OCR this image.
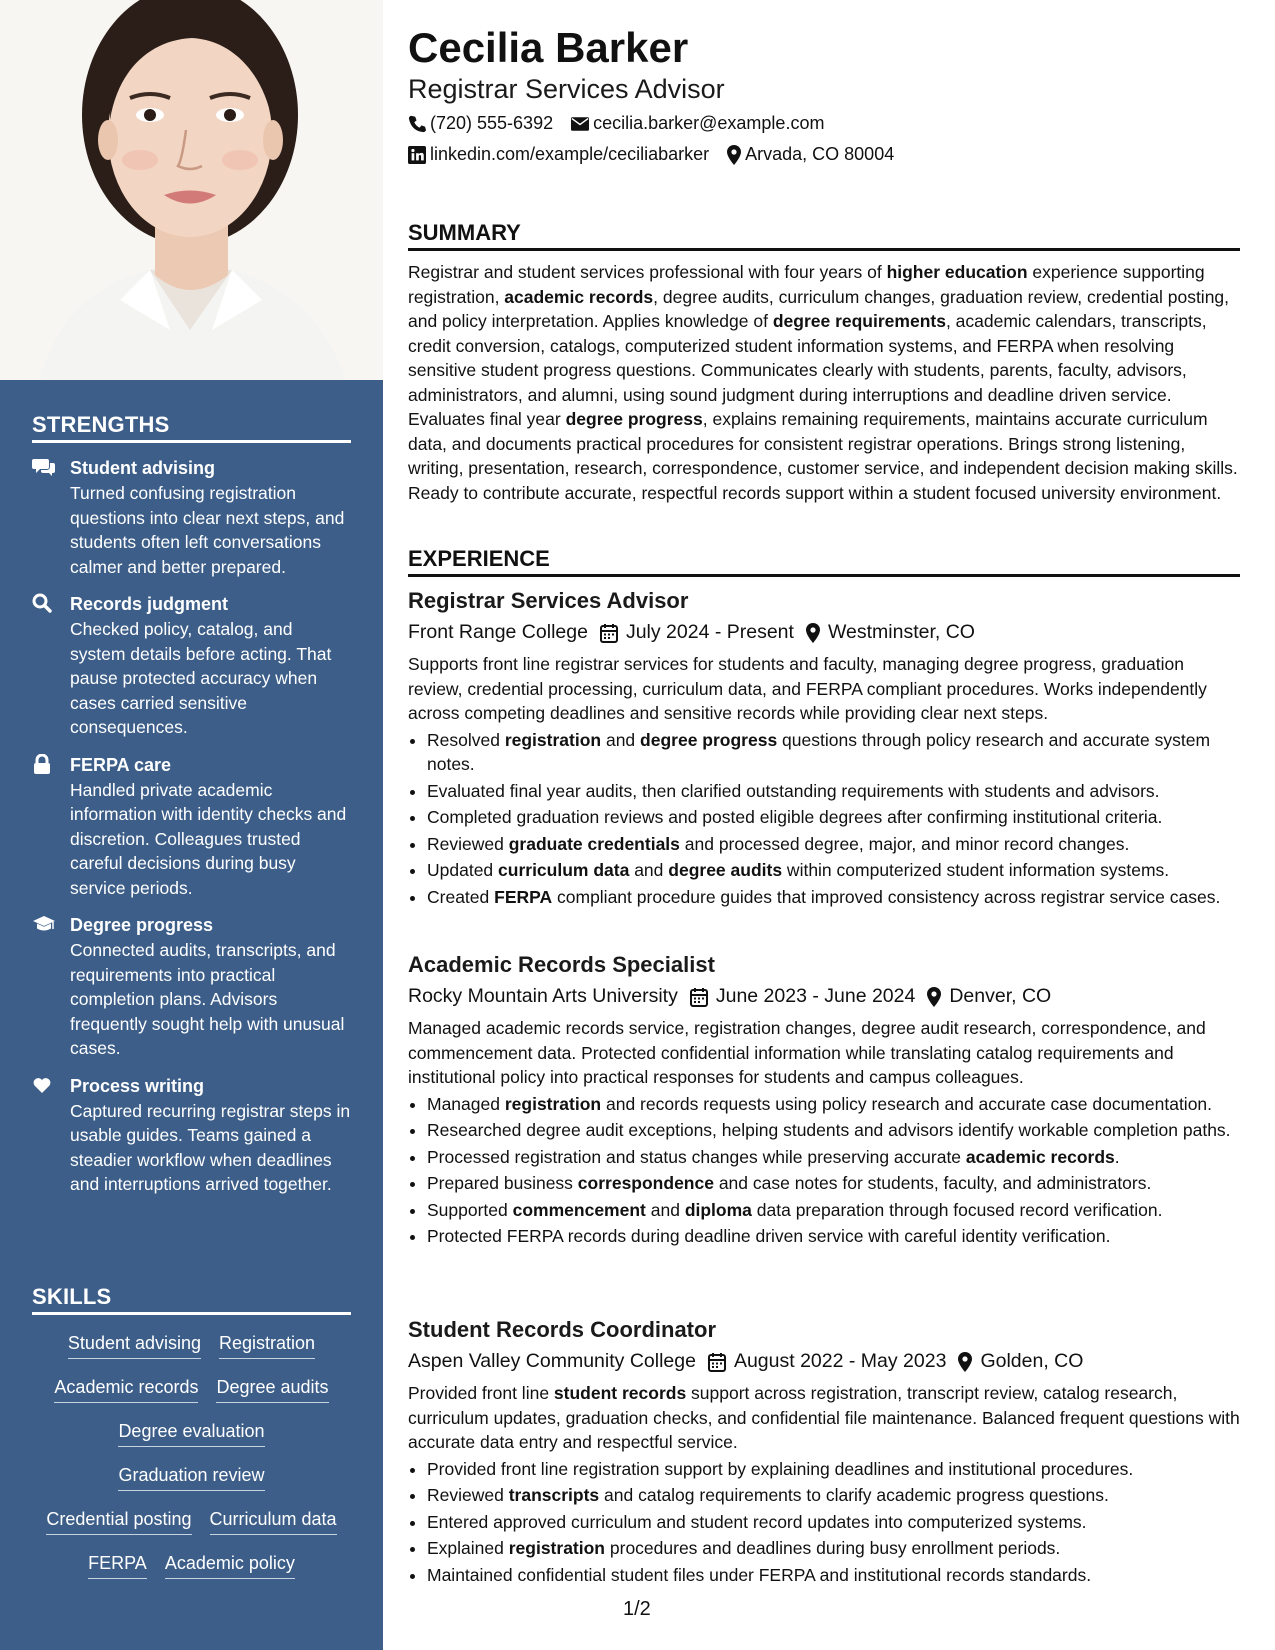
STRENGTHS
Student advising
Turned confusing registration questions into clear next steps, and students often left conversations calmer and better prepared.
Records judgment
Checked policy, catalog, and system details before acting. That pause protected accuracy when cases carried sensitive consequences.
FERPA care
Handled private academic information with identity checks and discretion. Colleagues trusted careful decisions during busy service periods.
Degree progress
Connected audits, transcripts, and requirements into practical completion plans. Advisors frequently sought help with unusual cases.
Process writing
Captured recurring registrar steps in usable guides. Teams gained a steadier workflow when deadlines and interruptions arrived together.
SKILLS
Student advising Registration
Academic records Degree audits
Degree evaluation
Graduation review
Credential posting Curriculum data
FERPA Academic policy
Cecilia Barker
Registrar Services Advisor
(720) 555-6392 cecilia.barker@example.com
linkedin.com/example/ceciliabarker Arvada, CO 80004
SUMMARY

Registrar and student services professional with four years of higher education experience supporting registration, academic records, degree audits, curriculum changes, graduation review, credential posting, and policy interpretation. Applies knowledge of degree requirements, academic calendars, transcripts, credit conversion, catalogs, computerized student information systems, and FERPA when resolving sensitive student progress questions. Communicates clearly with students, parents, faculty, advisors, administrators, and alumni, using sound judgment during interruptions and deadline driven service. Evaluates final year degree progress, explains remaining requirements, maintains accurate curriculum data, and documents practical procedures for consistent registrar operations. Brings strong listening, writing, presentation, research, correspondence, customer service, and independent decision making skills. Ready to contribute accurate, respectful records support within a student focused university environment.

EXPERIENCE
Registrar Services Advisor
Front Range College July 2024 - Present Westminster, CO

Supports front line registrar services for students and faculty, managing degree progress, graduation review, credential processing, curriculum data, and FERPA compliant procedures. Works independently across competing deadlines and sensitive records while providing clear next steps.

• Resolved registration and degree progress questions through policy research and accurate system notes.
• Evaluated final year audits, then clarified outstanding requirements with students and advisors.
• Completed graduation reviews and posted eligible degrees after confirming institutional criteria.
• Reviewed graduate credentials and processed degree, major, and minor record changes.
• Updated curriculum data and degree audits within computerized student information systems.
• Created FERPA compliant procedure guides that improved consistency across registrar service cases.
Academic Records Specialist
Rocky Mountain Arts University June 2023 - June 2024 Denver, CO

Managed academic records service, registration changes, degree audit research, correspondence, and commencement data. Protected confidential information while translating catalog requirements and institutional policy into practical responses for students and campus colleagues.

• Managed registration and records requests using policy research and accurate case documentation.
• Researched degree audit exceptions, helping students and advisors identify workable completion paths.
• Processed registration and status changes while preserving accurate academic records.
• Prepared business correspondence and case notes for students, faculty, and administrators.
• Supported commencement and diploma data preparation through focused record verification.
• Protected FERPA records during deadline driven service with careful identity verification.
Student Records Coordinator
Aspen Valley Community College August 2022 - May 2023 Golden, CO

Provided front line student records support across registration, transcript review, catalog research, curriculum updates, graduation checks, and confidential file maintenance. Balanced frequent questions with accurate data entry and respectful service.

• Provided front line registration support by explaining deadlines and institutional procedures.
• Reviewed transcripts and catalog requirements to clarify academic progress questions.
• Entered approved curriculum and student record updates into computerized systems.
• Explained registration procedures and deadlines during busy enrollment periods.
• Maintained confidential student files under FERPA and institutional records standards.
1/2
